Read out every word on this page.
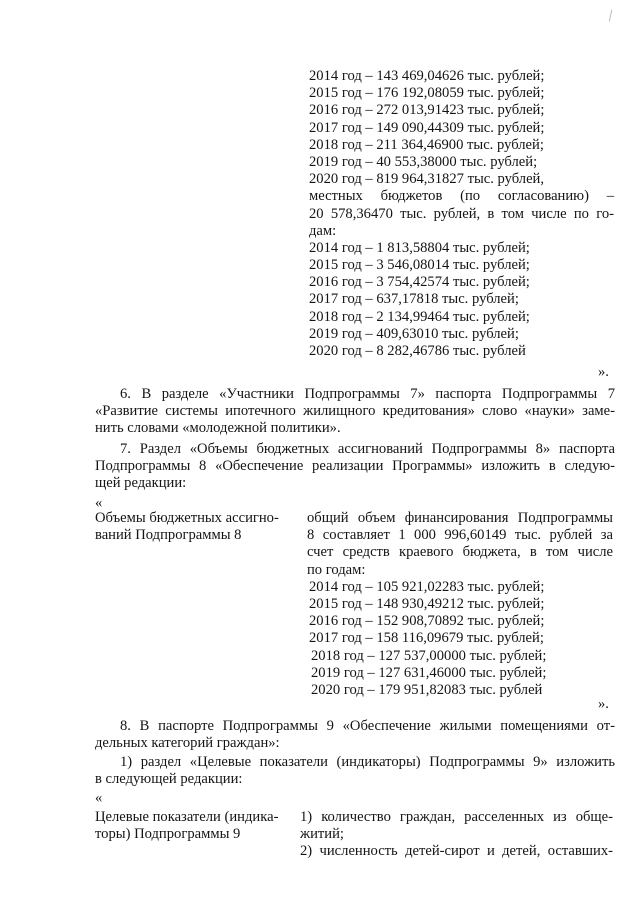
2014 год – 143 469,04626 тыс. рублей;
2015 год – 176 192,08059 тыс. рублей;
2016 год – 272 013,91423 тыс. рублей;
2017 год – 149 090,44309 тыс. рублей;
2018 год – 211 364,46900 тыс. рублей;
2019 год – 40 553,38000 тыс. рублей;
2020 год – 819 964,31827 тыс. рублей,
местных бюджетов (по согласованию) –
20 578,36470 тыс. рублей, в том числе по го-
дам:
2014 год – 1 813,58804 тыс. рублей;
2015 год – 3 546,08014 тыс. рублей;
2016 год – 3 754,42574 тыс. рублей;
2017 год – 637,17818 тыс. рублей;
2018 год – 2 134,99464 тыс. рублей;
2019 год – 409,63010 тыс. рублей;
2020 год – 8 282,46786 тыс. рублей
».
6. В разделе «Участники Подпрограммы 7» паспорта Подпрограммы 7
«Развитие системы ипотечного жилищного кредитования» слово «науки» заме-
нить словами «молодежной политики».
7. Раздел «Объемы бюджетных ассигнований Подпрограммы 8» паспорта
Подпрограммы 8 «Обеспечение реализации Программы» изложить в следую-
щей редакции:
«
Объемы бюджетных ассигно-
ваний Подпрограммы 8
общий объем финансирования Подпрограммы
8 составляет 1 000 996,60149 тыс. рублей за
счет средств краевого бюджета, в том числе
по годам:
2014 год – 105 921,02283 тыс. рублей;
2015 год – 148 930,49212 тыс. рублей;
2016 год – 152 908,70892 тыс. рублей;
2017 год – 158 116,09679 тыс. рублей;
2018 год – 127 537,00000 тыс. рублей;
2019 год – 127 631,46000 тыс. рублей;
2020 год – 179 951,82083 тыс. рублей
».
8. В паспорте Подпрограммы 9 «Обеспечение жилыми помещениями от-
дельных категорий граждан»:
1) раздел «Целевые показатели (индикаторы) Подпрограммы 9» изложить
в следующей редакции:
«
Целевые показатели (индика-
торы) Подпрограммы 9
1) количество граждан, расселенных из обще-
житий;
2) численность детей-сирот и детей, оставших-
